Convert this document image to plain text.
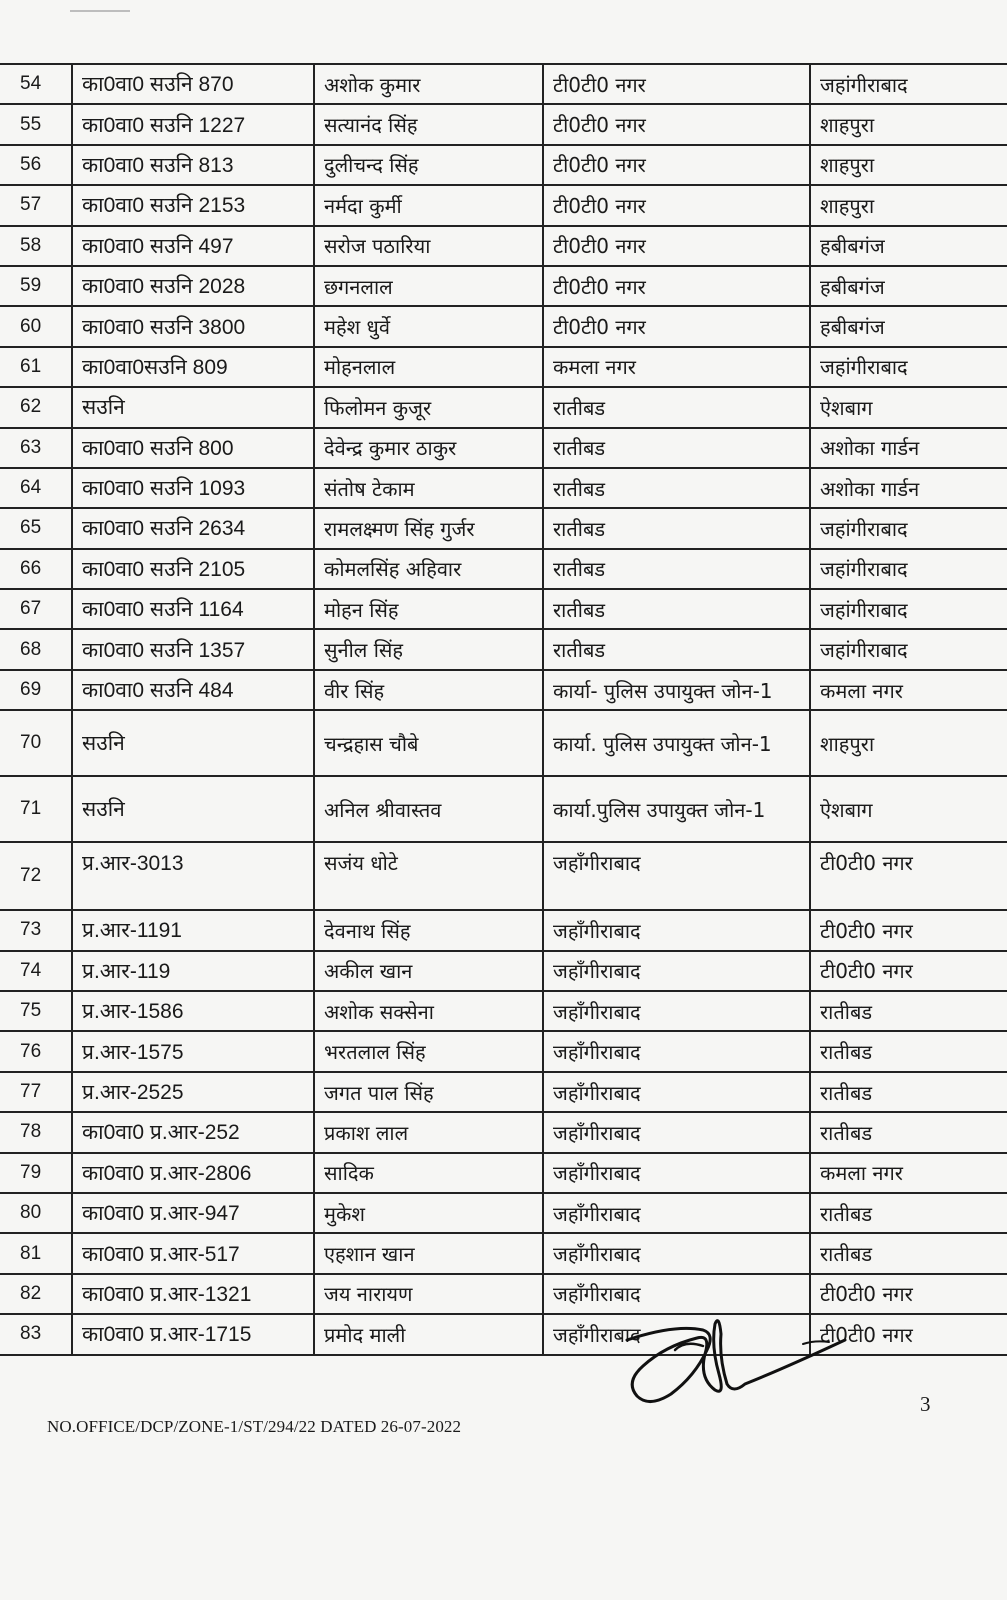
54	का0वा0 सउनि 870	अशोक कुमार	टी0टी0 नगर	जहांगीराबाद
55	का0वा0 सउनि 1227	सत्यानंद सिंह	टी0टी0 नगर	शाहपुरा
56	का0वा0 सउनि 813	दुलीचन्द सिंह	टी0टी0 नगर	शाहपुरा
57	का0वा0 सउनि 2153	नर्मदा कुर्मी	टी0टी0 नगर	शाहपुरा
58	का0वा0 सउनि 497	सरोज पठारिया	टी0टी0 नगर	हबीबगंज
59	का0वा0 सउनि 2028	छगनलाल	टी0टी0 नगर	हबीबगंज
60	का0वा0 सउनि 3800	महेश धुर्वे	टी0टी0 नगर	हबीबगंज
61	का0वा0सउनि 809	मोहनलाल	कमला नगर	जहांगीराबाद
62	सउनि	फिलोमन कुजूर	रातीबड	ऐशबाग
63	का0वा0 सउनि 800	देवेन्द्र कुमार ठाकुर	रातीबड	अशोका गार्डन
64	का0वा0 सउनि 1093	संतोष टेकाम	रातीबड	अशोका गार्डन
65	का0वा0 सउनि 2634	रामलक्ष्मण सिंह गुर्जर	रातीबड	जहांगीराबाद
66	का0वा0 सउनि 2105	कोमलसिंह अहिवार	रातीबड	जहांगीराबाद
67	का0वा0 सउनि 1164	मोहन सिंह	रातीबड	जहांगीराबाद
68	का0वा0 सउनि 1357	सुनील सिंह	रातीबड	जहांगीराबाद
69	का0वा0 सउनि 484	वीर सिंह	कार्या- पुलिस उपायुक्त जोन-1	कमला नगर
70	सउनि	चन्द्रहास चौबे	कार्या. पुलिस उपायुक्त जोन-1	शाहपुरा
71	सउनि	अनिल श्रीवास्तव	कार्या.पुलिस उपायुक्त जोन-1	ऐशबाग
72	प्र.आर-3013	सजंय धोटे	जहाँगीराबाद	टी0टी0 नगर
73	प्र.आर-1191	देवनाथ सिंह	जहाँगीराबाद	टी0टी0 नगर
74	प्र.आर-119	अकील खान	जहाँगीराबाद	टी0टी0 नगर
75	प्र.आर-1586	अशोक सक्सेना	जहाँगीराबाद	रातीबड
76	प्र.आर-1575	भरतलाल सिंह	जहाँगीराबाद	रातीबड
77	प्र.आर-2525	जगत पाल सिंह	जहाँगीराबाद	रातीबड
78	का0वा0 प्र.आर-252	प्रकाश लाल	जहाँगीराबाद	रातीबड
79	का0वा0 प्र.आर-2806	सादिक	जहाँगीराबाद	कमला नगर
80	का0वा0 प्र.आर-947	मुकेश	जहाँगीराबाद	रातीबड
81	का0वा0 प्र.आर-517	एहशान खान	जहाँगीराबाद	रातीबड
82	का0वा0 प्र.आर-1321	जय नारायण	जहाँगीराबाद	टी0टी0 नगर
83	का0वा0 प्र.आर-1715	प्रमोद माली	जहाँगीराबाद	टी0टी0 नगर
3
NO.OFFICE/DCP/ZONE-1/ST/294/22 DATED 26-07-2022
